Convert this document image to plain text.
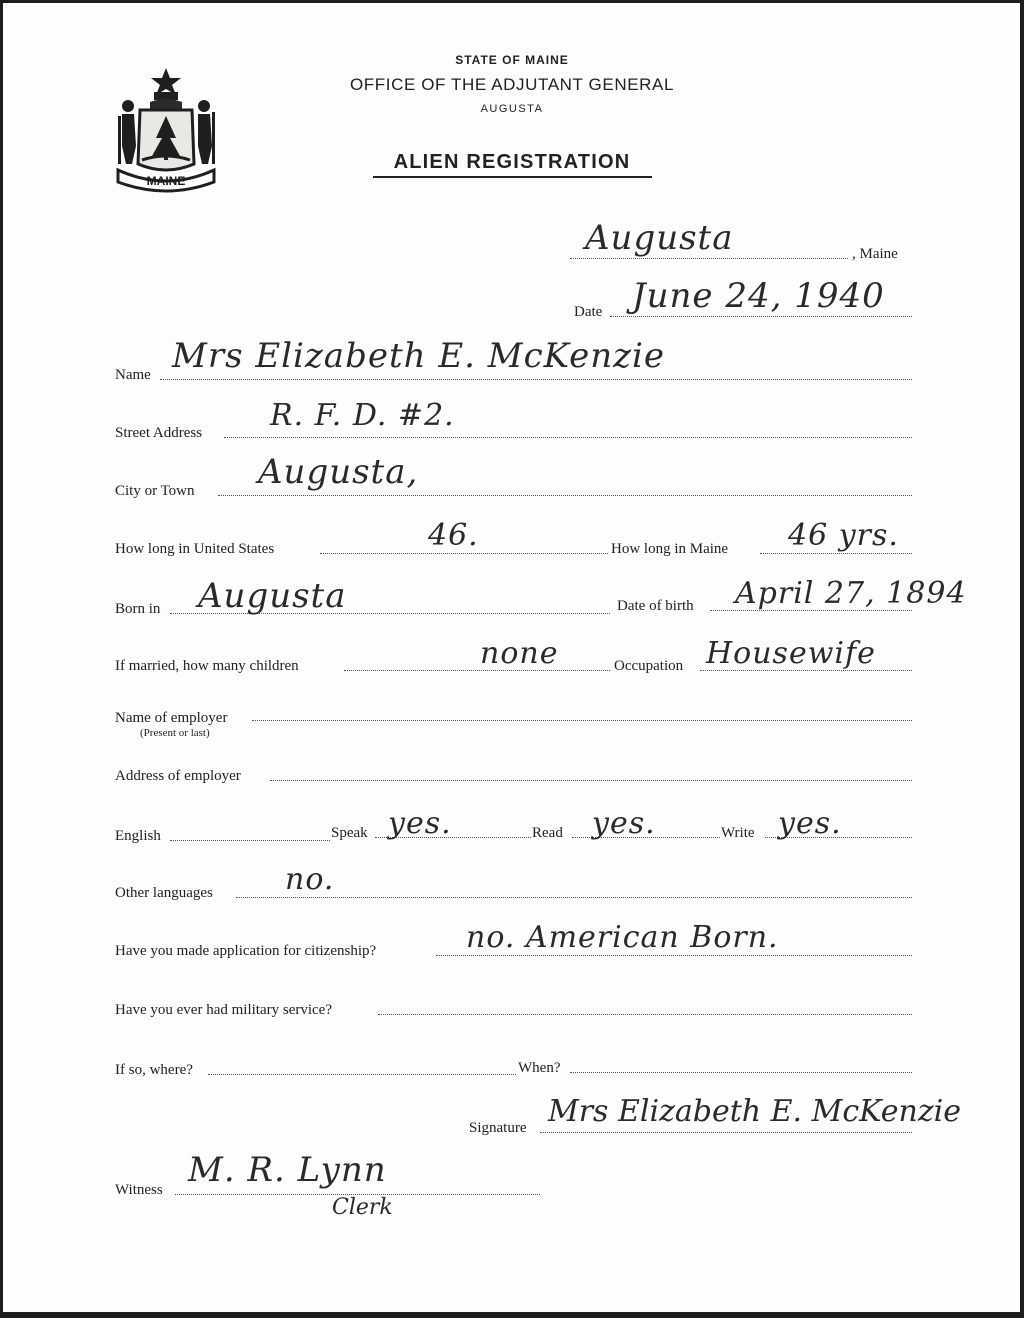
MAINE
STATE OF MAINE
OFFICE OF THE ADJUTANT GENERAL
AUGUSTA
ALIEN REGISTRATION
Augusta	, Maine
Date June 24, 1940
Name Mrs Elizabeth E. McKenzie
Street Address R. F. D. #2.
City or Town Augusta,
How long in United States	46.	How long in Maine 46 yrs.
Born in Augusta	Date of birth April 27, 1894
If married, how many children	none	Occupation Housewife
Name of employer
(Present or last)
Address of employer
English	Speak yes.	Read yes.	Write yes.
Other languages no.
Have you made application for citizenship?	no. American Born.
Have you ever had military service?
If so, where?	When?
Signature Mrs Elizabeth E. McKenzie
Witness M. R. Lynn
Clerk
